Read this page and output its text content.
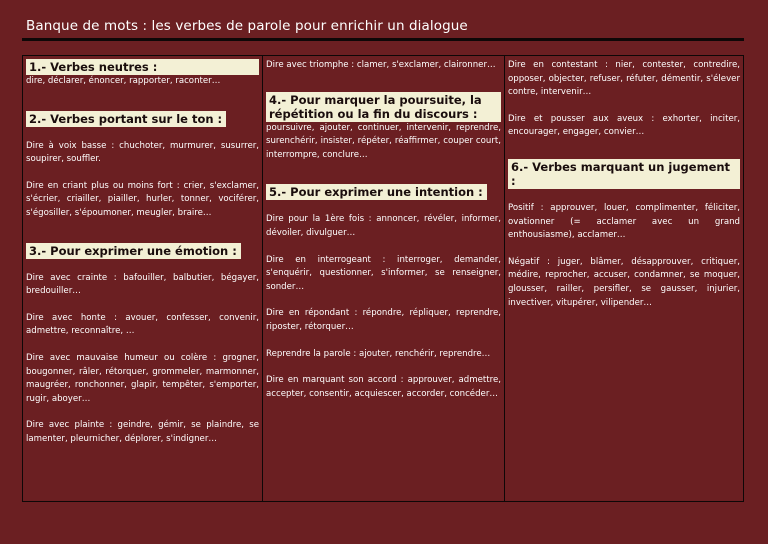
Banque de mots : les verbes de parole pour enrichir un dialogue
1.- Verbes neutres :

dire, déclarer, énoncer, rapporter, raconter…

2.- Verbes portant sur le ton :

Dire à voix basse : chuchoter, murmurer, susurrer, soupirer, souffler.

Dire en criant plus ou moins fort : crier, s'exclamer, s'écrier, criailler, piailler, hurler, tonner, vociférer, s'égosiller, s'époumoner, meugler, braire…

3.- Pour exprimer une émotion :

Dire avec crainte : bafouiller, balbutier, bégayer, bredouiller…

Dire avec honte : avouer, confesser, convenir, admettre, reconnaître, …

Dire avec mauvaise humeur ou colère : grogner, bougonner, râler, rétorquer, grommeler, marmonner, maugréer, ronchonner, glapir, tempêter, s'emporter, rugir, aboyer…

Dire avec plainte : geindre, gémir, se plaindre, se lamenter, pleurnicher, déplorer, s'indigner…

Dire avec triomphe : clamer, s'exclamer, claironner…

4.- Pour marquer la poursuite, la répétition ou la fin du discours :

poursuivre, ajouter, continuer, intervenir, reprendre, surenchérir, insister, répéter, réaffirmer, couper court, interrompre, conclure…

5.- Pour exprimer une intention :

Dire pour la 1ère fois : annoncer, révéler, informer, dévoiler, divulguer…

Dire en interrogeant : interroger, demander, s'enquérir, questionner, s'informer, se renseigner, sonder…

Dire en répondant : répondre, répliquer, reprendre, riposter, rétorquer…

Reprendre la parole : ajouter, renchérir, reprendre…

Dire en marquant son accord : approuver, admettre, accepter, consentir, acquiescer, accorder, concéder…

Dire en contestant : nier, contester, contredire, opposer, objecter, refuser, réfuter, démentir, s'élever contre, intervenir…

Dire et pousser aux aveux : exhorter, inciter, encourager, engager, convier…

6.- Verbes marquant un jugement :

Positif : approuver, louer, complimenter, féliciter, ovationner (= acclamer avec un grand enthousiasme), acclamer…

Négatif : juger, blâmer, désapprouver, critiquer, médire, reprocher, accuser, condamner, se moquer, glousser, railler, persifler, se gausser, injurier, invectiver, vitupérer, vilipender…
